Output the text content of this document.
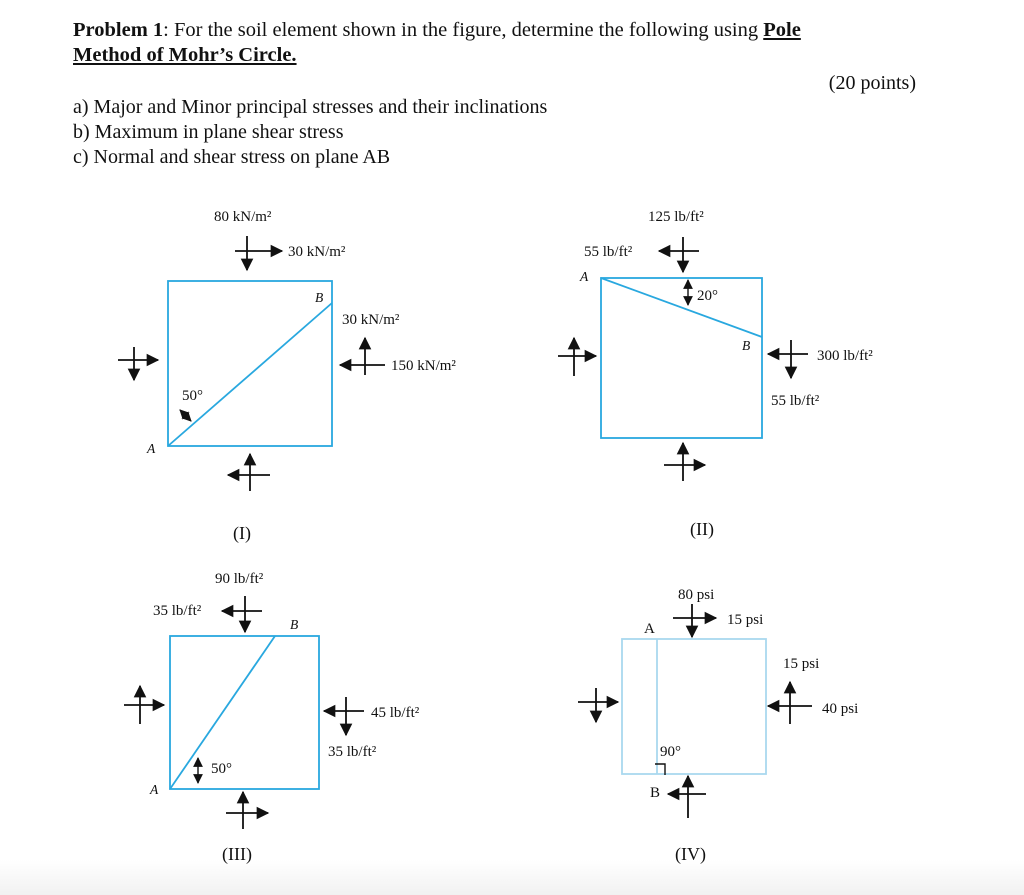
Problem 1: For the soil element shown in the figure, determine the following using Pole
Method of Mohr’s Circle.
(20 points)
a) Major and Minor principal stresses and their inclinations
b) Maximum in plane shear stress
c) Normal and shear stress on plane AB
80 kN/m²
30 kN/m²
30 kN/m²
150 kN/m²
50°
A
B
(I)
125 lb/ft²
55 lb/ft²
300 lb/ft²
55 lb/ft²
20°
A
B
(II)
90 lb/ft²
35 lb/ft²
45 lb/ft²
35 lb/ft²
50°
A
B
(III)
80 psi
15 psi
15 psi
40 psi
90°
A
B
(IV)
